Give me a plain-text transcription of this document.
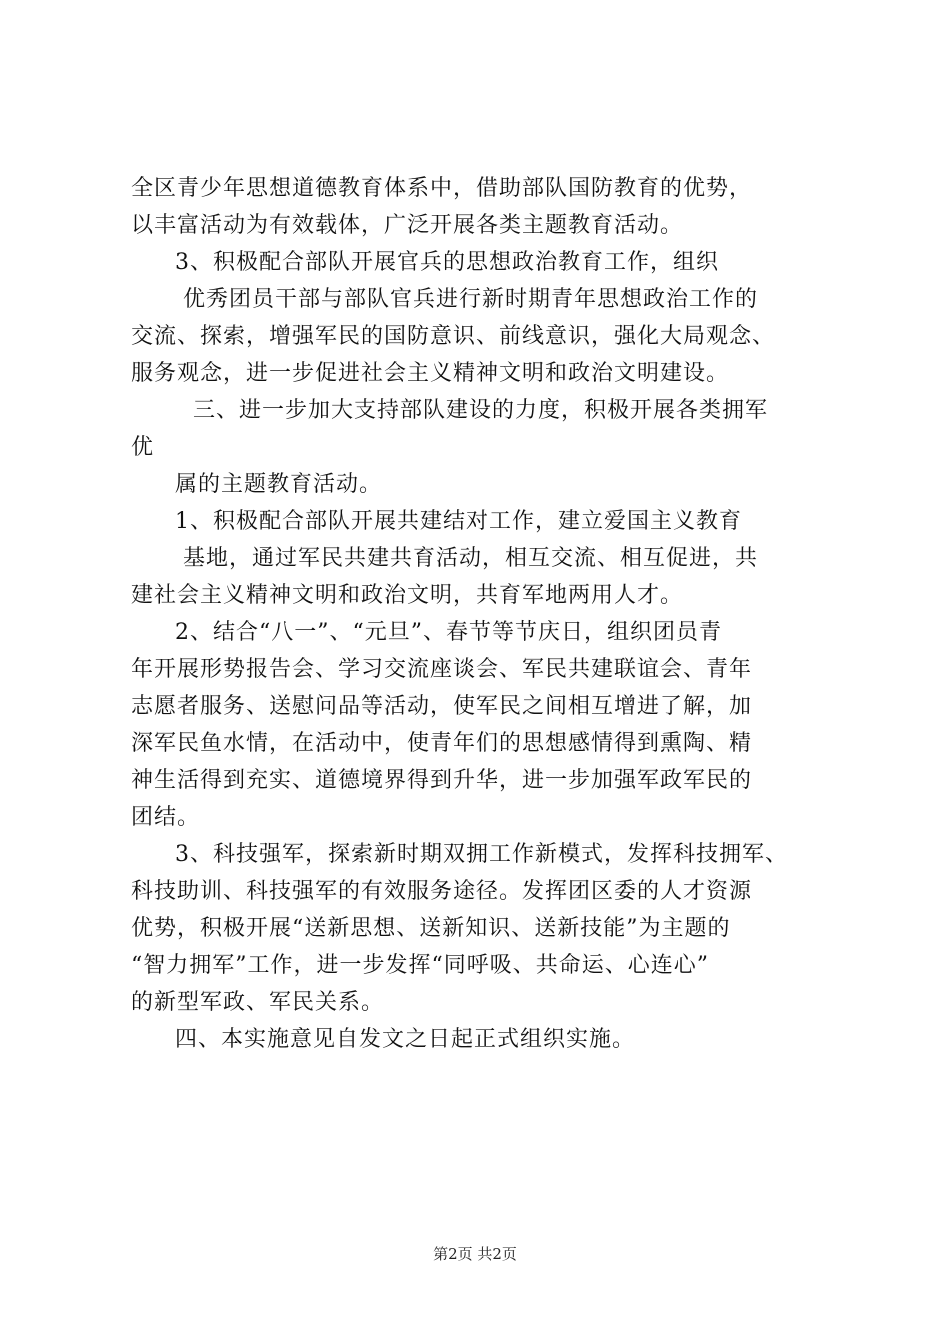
全区青少年思想道德教育体系中，借助部队国防教育的优势，
以丰富活动为有效载体，广泛开展各类主题教育活动。
3、积极配合部队开展官兵的思想政治教育工作，组织
优秀团员干部与部队官兵进行新时期青年思想政治工作的
交流、探索，增强军民的国防意识、前线意识，强化大局观念、
服务观念，进一步促进社会主义精神文明和政治文明建设。
三、进一步加大支持部队建设的力度，积极开展各类拥军
优
属的主题教育活动。
1、积极配合部队开展共建结对工作，建立爱国主义教育
基地，通过军民共建共育活动，相互交流、相互促进，共
建社会主义精神文明和政治文明，共育军地两用人才。
2、结合“八一”、“元旦”、春节等节庆日，组织团员青
年开展形势报告会、学习交流座谈会、军民共建联谊会、青年
志愿者服务、送慰问品等活动，使军民之间相互增进了解，加
深军民鱼水情，在活动中，使青年们的思想感情得到熏陶、精
神生活得到充实、道德境界得到升华，进一步加强军政军民的
团结。
3、科技强军，探索新时期双拥工作新模式，发挥科技拥军、
科技助训、科技强军的有效服务途径。发挥团区委的人才资源
优势，积极开展“送新思想、送新知识、送新技能”为主题的
“智力拥军”工作，进一步发挥“同呼吸、共命运、心连心”
的新型军政、军民关系。
四、本实施意见自发文之日起正式组织实施。
第2页 共2页
